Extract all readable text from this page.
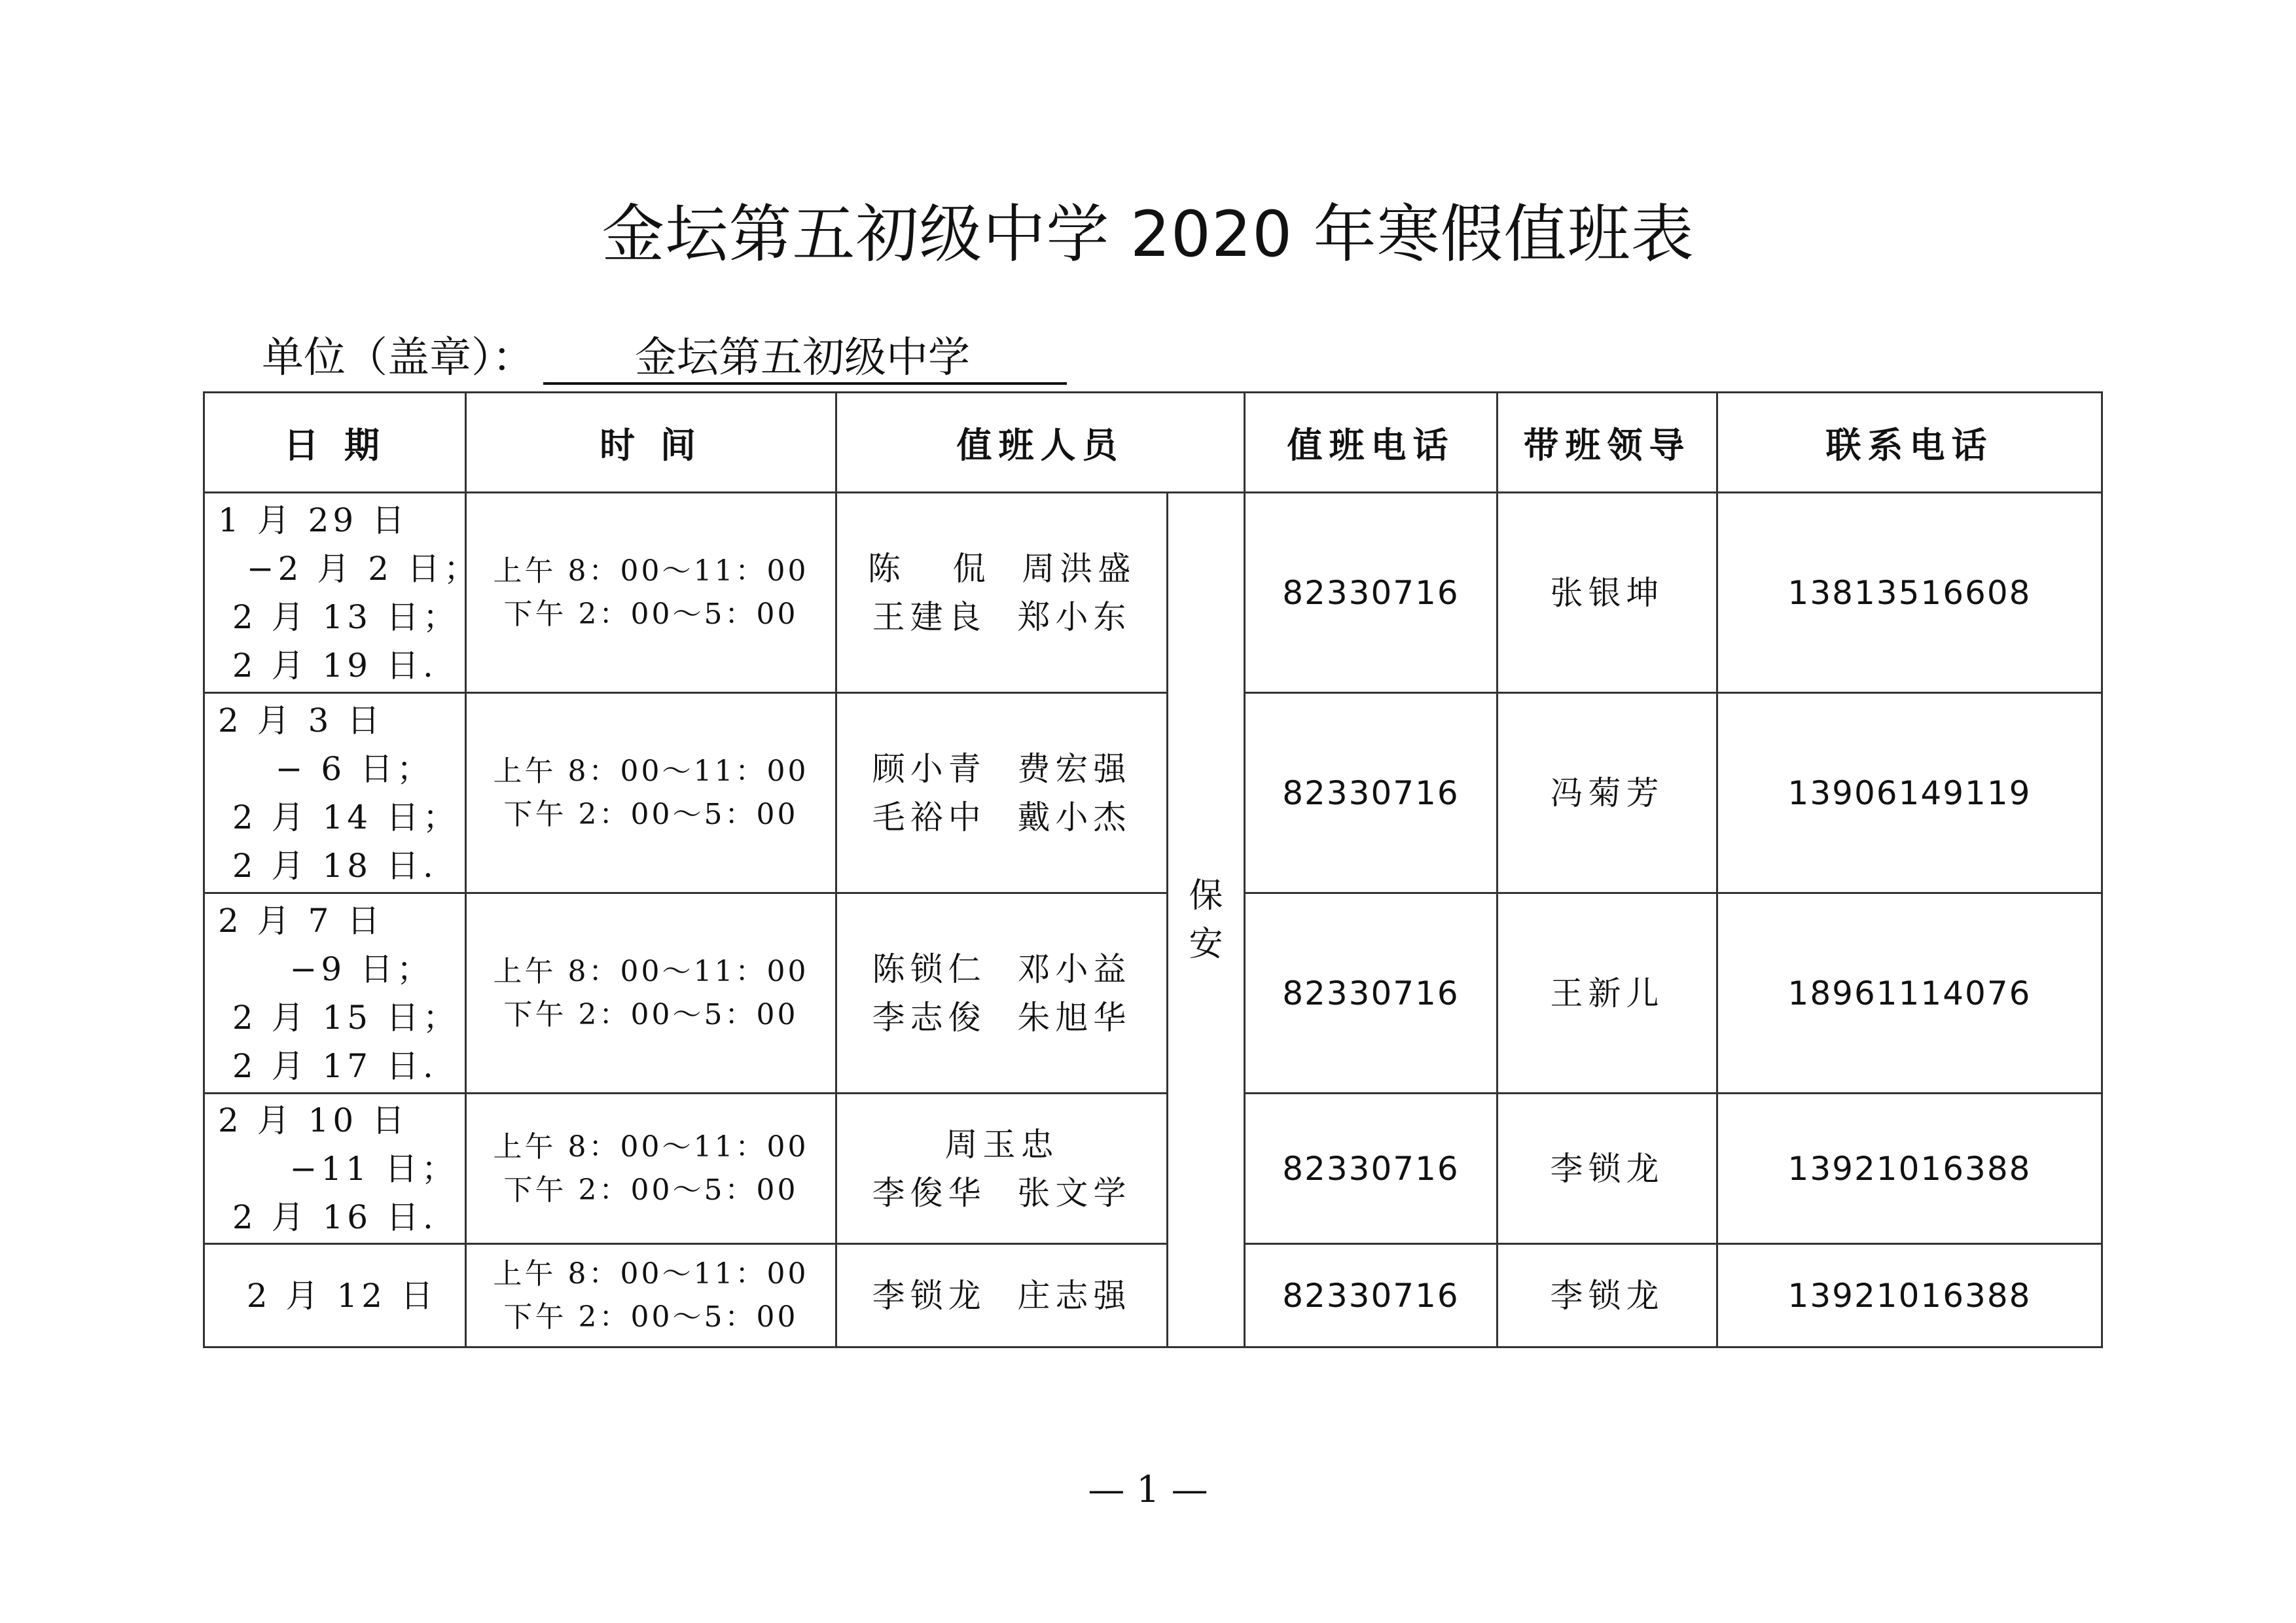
金坛第五初级中学 2020 年寒假值班表
单位（盖章）： 金坛第五初级中学
日 期	时 间	值班人员		值班电话	带班领导	联系电话

1 月 29 日
−2 月 2 日；
2 月 13 日；
2 月 19 日.	上午 8：00～11：00
下午 2：00～5：00	陈   侃  周洪盛
王建良  郑小东	保
安	82330716	张银坤	13813516608

2 月 3 日
− 6 日；
2 月 14 日；
2 月 18 日.	上午 8：00～11：00
下午 2：00～5：00	顾小青  费宏强
毛裕中  戴小杰		82330716	冯菊芳	13906149119

2 月 7 日
−9 日；
2 月 15 日；
2 月 17 日.	上午 8：00～11：00
下午 2：00～5：00	陈锁仁  邓小益
李志俊  朱旭华		82330716	王新儿	18961114076

2 月 10 日
−11 日；
2 月 16 日.	上午 8：00～11：00
下午 2：00～5：00	周玉忠
李俊华  张文学		82330716	李锁龙	13921016388

2 月 12 日	上午 8：00～11：00
下午 2：00～5：00	李锁龙  庄志强		82330716	李锁龙	13921016388
— 1 —
